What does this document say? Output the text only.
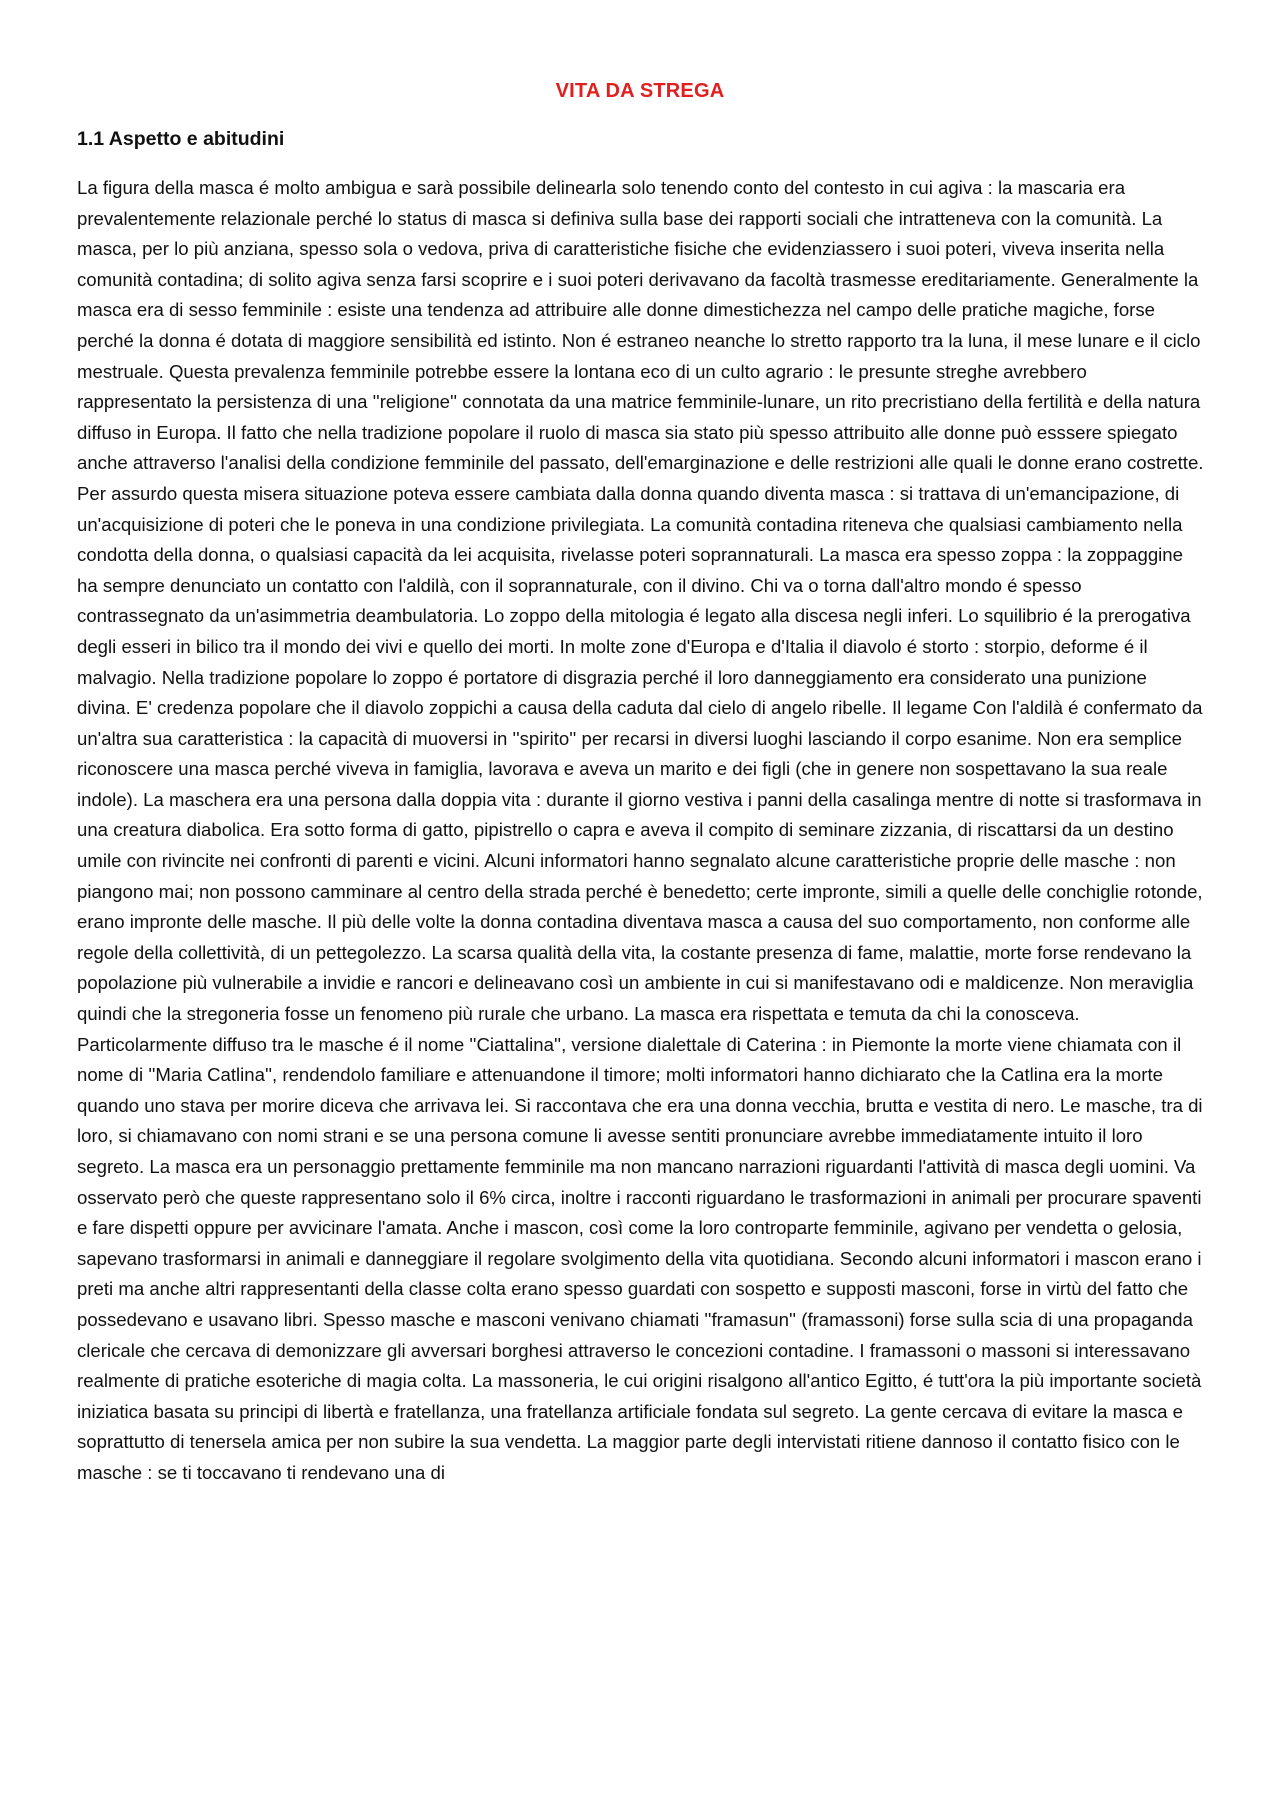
VITA DA STREGA
1.1 Aspetto e abitudini

La figura della masca é molto ambigua e sarà possibile delinearla solo tenendo conto del contesto in cui agiva : la mascaria era prevalentemente relazionale perché lo status di masca si definiva sulla base dei rapporti sociali che intratteneva con la comunità. La masca, per lo più anziana, spesso sola o vedova, priva di caratteristiche fisiche che evidenziassero i suoi poteri, viveva inserita nella comunità contadina; di solito agiva senza farsi scoprire e i suoi poteri derivavano da facoltà trasmesse ereditariamente. Generalmente la masca era di sesso femminile : esiste una tendenza ad attribuire alle donne dimestichezza nel campo delle pratiche magiche, forse perché la donna é dotata di maggiore sensibilità ed istinto. Non é estraneo neanche lo stretto rapporto tra la luna, il mese lunare e il ciclo mestruale. Questa prevalenza femminile potrebbe essere la lontana eco di un culto agrario : le presunte streghe avrebbero rappresentato la persistenza di una ''religione'' connotata da una matrice femminile-lunare, un rito precristiano della fertilità e della natura diffuso in Europa. Il fatto che nella tradizione popolare il ruolo di masca sia stato più spesso attribuito alle donne può esssere spiegato anche attraverso l'analisi della condizione femminile del passato, dell'emarginazione e delle restrizioni alle quali le donne erano costrette. Per assurdo questa misera situazione poteva essere cambiata dalla donna quando diventa masca : si trattava di un'emancipazione, di un'acquisizione di poteri che le poneva in una condizione privilegiata. La comunità contadina riteneva che qualsiasi cambiamento nella condotta della donna, o qualsiasi capacità da lei acquisita, rivelasse poteri soprannaturali. La masca era spesso zoppa : la zoppaggine ha sempre denunciato un contatto con l'aldilà, con il soprannaturale, con il divino. Chi va o torna dall'altro mondo é spesso contrassegnato da un'asimmetria deambulatoria. Lo zoppo della mitologia é legato alla discesa negli inferi. Lo squilibrio é la prerogativa degli esseri in bilico tra il mondo dei vivi e quello dei morti. In molte zone d'Europa e d'Italia il diavolo é storto : storpio, deforme é il malvagio. Nella tradizione popolare lo zoppo é portatore di disgrazia perché il loro danneggiamento era considerato una punizione divina. E' credenza popolare che il diavolo zoppichi a causa della caduta dal cielo di angelo ribelle. Il legame Con l'aldilà é confermato da un'altra sua caratteristica : la capacità di muoversi in ''spirito'' per recarsi in diversi luoghi lasciando il corpo esanime. Non era semplice riconoscere una masca perché viveva in famiglia, lavorava e aveva un marito e dei figli (che in genere non sospettavano la sua reale indole). La maschera era una persona dalla doppia vita : durante il giorno vestiva i panni della casalinga mentre di notte si trasformava in una creatura diabolica. Era sotto forma di gatto, pipistrello o capra e aveva il compito di seminare zizzania, di riscattarsi da un destino umile con rivincite nei confronti di parenti e vicini. Alcuni informatori hanno segnalato alcune caratteristiche proprie delle masche : non piangono mai; non possono camminare al centro della strada perché è benedetto; certe impronte, simili a quelle delle conchiglie rotonde, erano impronte delle masche. Il più delle volte la donna contadina diventava masca a causa del suo comportamento, non conforme alle regole della collettività, di un pettegolezzo. La scarsa qualità della vita, la costante presenza di fame, malattie, morte forse rendevano la popolazione più vulnerabile a invidie e rancori e delineavano così un ambiente in cui si manifestavano odi e maldicenze. Non meraviglia quindi che la stregoneria fosse un fenomeno più rurale che urbano. La masca era rispettata e temuta da chi la conosceva. Particolarmente diffuso tra le masche é il nome ''Ciattalina'', versione dialettale di Caterina : in Piemonte la morte viene chiamata con il nome di ''Maria Catlina'', rendendolo familiare e attenuandone il timore; molti informatori hanno dichiarato che la Catlina era la morte quando uno stava per morire diceva che arrivava lei. Si raccontava che era una donna vecchia, brutta e vestita di nero. Le masche, tra di loro, si chiamavano con nomi strani e se una persona comune li avesse sentiti pronunciare avrebbe immediatamente intuito il loro segreto. La masca era un personaggio prettamente femminile ma non mancano narrazioni riguardanti l'attività di masca degli uomini. Va osservato però che queste rappresentano solo il 6% circa, inoltre i racconti riguardano le trasformazioni in animali per procurare spaventi e fare dispetti oppure per avvicinare l'amata. Anche i mascon, così come la loro controparte femminile, agivano per vendetta o gelosia, sapevano trasformarsi in animali e danneggiare il regolare svolgimento della vita quotidiana. Secondo alcuni informatori i mascon erano i preti ma anche altri rappresentanti della classe colta erano spesso guardati con sospetto e supposti masconi, forse in virtù del fatto che possedevano e usavano libri. Spesso masche e masconi venivano chiamati ''framasun'' (framassoni) forse sulla scia di una propaganda clericale che cercava di demonizzare gli avversari borghesi attraverso le concezioni contadine. I framassoni o massoni si interessavano realmente di pratiche esoteriche di magia colta. La massoneria, le cui origini risalgono all'antico Egitto, é tutt'ora la più importante società iniziatica basata su principi di libertà e fratellanza, una fratellanza artificiale fondata sul segreto. La gente cercava di evitare la masca e soprattutto di tenersela amica per non subire la sua vendetta. La maggior parte degli intervistati ritiene dannoso il contatto fisico con le masche : se ti toccavano ti rendevano una di
